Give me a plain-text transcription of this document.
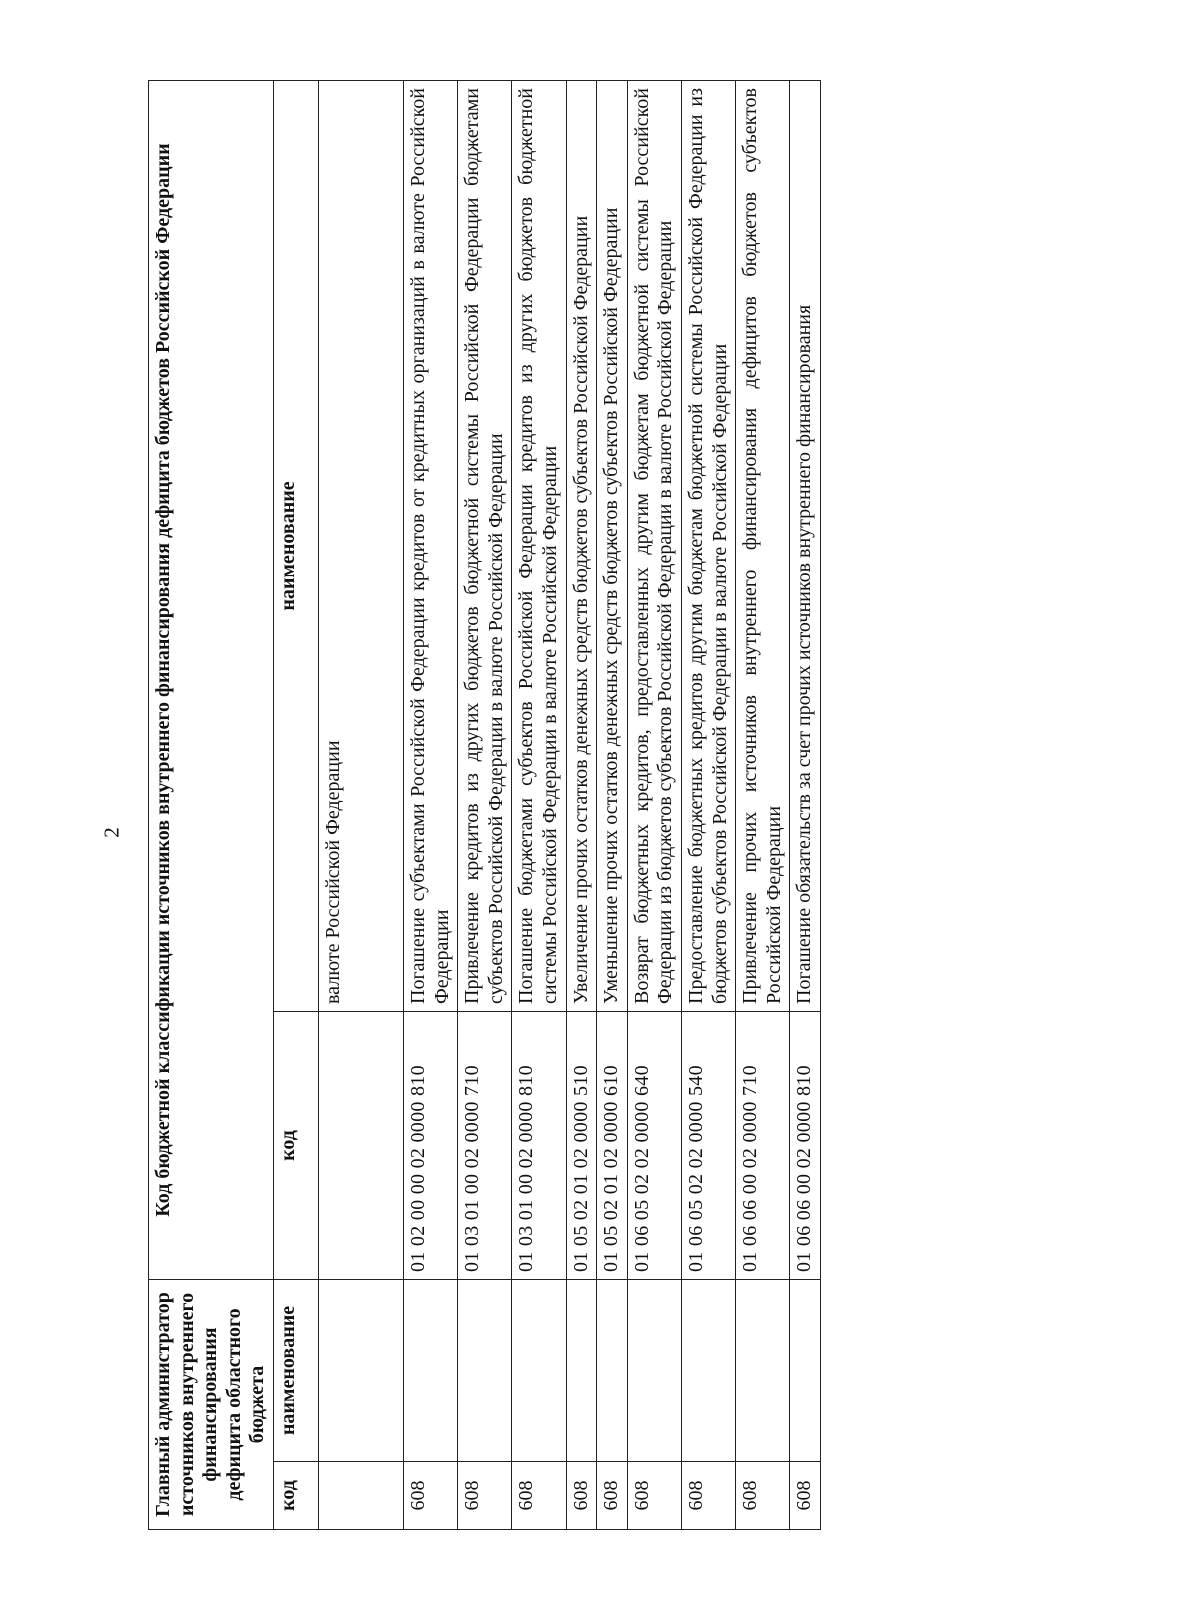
2
Главный администратор источников внутреннего финансирования дефицита областного бюджета		Код бюджетной классификации источников внутреннего финансирования дефицита бюджетов Российской Федерации	
код	наименование	код	наименование
			валюте Российской Федерации
608		01 02 00 00 02 0000 810	Погашение субъектами Российской Федерации кредитов от кредитных организаций в валюте Российской Федерации
608		01 03 01 00 02 0000 710	Привлечение кредитов из других бюджетов бюджетной системы Российской Федерации бюджетами субъектов Российской Федерации в валюте Российской Федерации
608		01 03 01 00 02 0000 810	Погашение бюджетами субъектов Российской Федерации кредитов из других бюджетов бюджетной системы Российской Федерации в валюте Российской Федерации
608		01 05 02 01 02 0000 510	Увеличение прочих остатков денежных средств бюджетов субъектов Российской Федерации
608		01 05 02 01 02 0000 610	Уменьшение прочих остатков денежных средств бюджетов субъектов Российской Федерации
608		01 06 05 02 02 0000 640	Возврат бюджетных кредитов, предоставленных другим бюджетам бюджетной системы Российской Федерации из бюджетов субъектов Российской Федерации в валюте Российской Федерации
608		01 06 05 02 02 0000 540	Предоставление бюджетных кредитов другим бюджетам бюджетной системы Российской Федерации из бюджетов субъектов Российской Федерации в валюте Российской Федерации
608		01 06 06 00 02 0000 710	Привлечение прочих источников внутреннего финансирования дефицитов бюджетов субъектов Российской Федерации
608		01 06 06 00 02 0000 810	Погашение обязательств за счет прочих источников внутреннего финансирования
